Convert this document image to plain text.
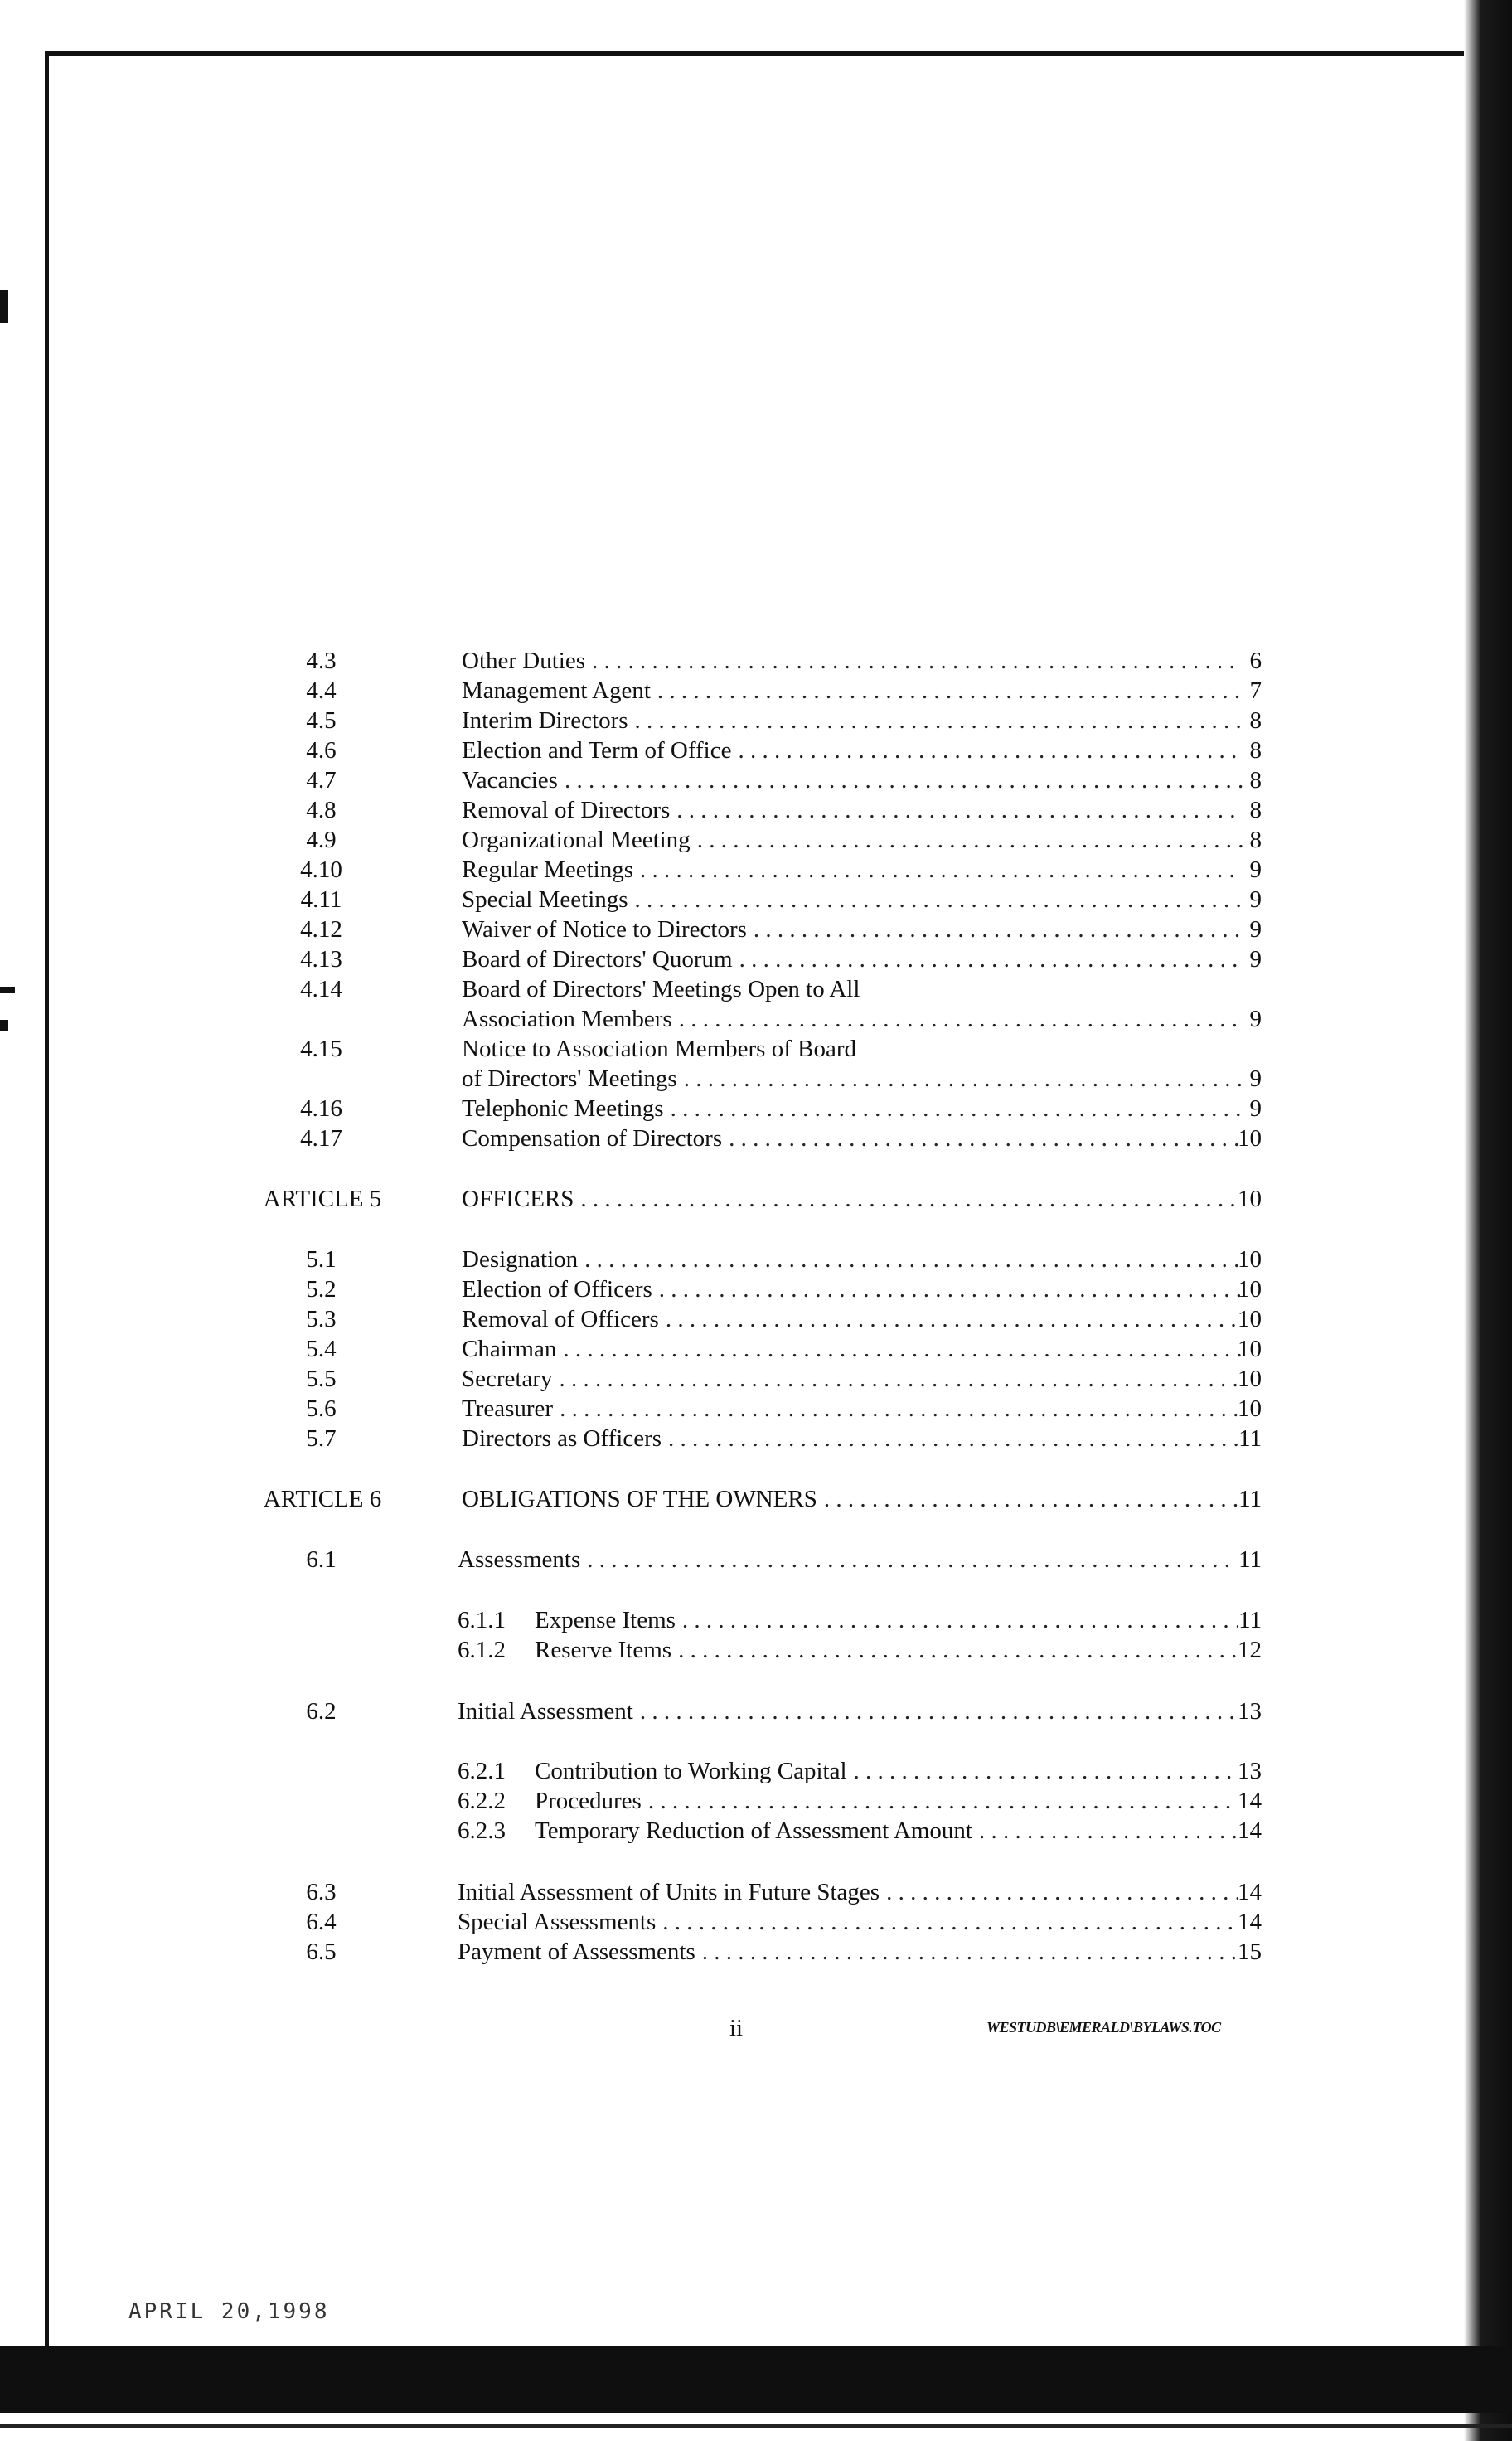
4.3	Other Duties . . .	6
4.4	Management Agent . . .	7
4.5	Interim Directors . . .	8
4.6	Election and Term of Office . . .	8
4.7	Vacancies . . .	8
4.8	Removal of Directors . . .	8
4.9	Organizational Meeting . . .	8
4.10	Regular Meetings . . .	9
4.11	Special Meetings . . .	9
4.12	Waiver of Notice to Directors . . .	9
4.13	Board of Directors' Quorum . . .	9
4.14	Board of Directors' Meetings Open to All
Association Members . . .	9
4.15	Notice to Association Members of Board
of Directors' Meetings . . .	9
4.16	Telephonic Meetings . . .	9
4.17	Compensation of Directors . . .	10
ARTICLE 5	OFFICERS . . .	10
5.1	Designation . . .	10
5.2	Election of Officers . . .	10
5.3	Removal of Officers . . .	10
5.4	Chairman . . .	10
5.5	Secretary . . .	10
5.6	Treasurer . . .	10
5.7	Directors as Officers . . .	11
ARTICLE 6	OBLIGATIONS OF THE OWNERS . . .	11
6.1	Assessments . . .	11
6.1.1	Expense Items . . .	11
6.1.2	Reserve Items . . .	12
6.2	Initial Assessment . . .	13
6.2.1	Contribution to Working Capital . . .	13
6.2.2	Procedures . . .	14
6.2.3	Temporary Reduction of Assessment Amount . . .	14
6.3	Initial Assessment of Units in Future Stages . . .	14
6.4	Special Assessments . . .	14
6.5	Payment of Assessments . . .	15
ii	WESTUDB\EMERALD\BYLAWS.TOC
APRIL 20,1998
